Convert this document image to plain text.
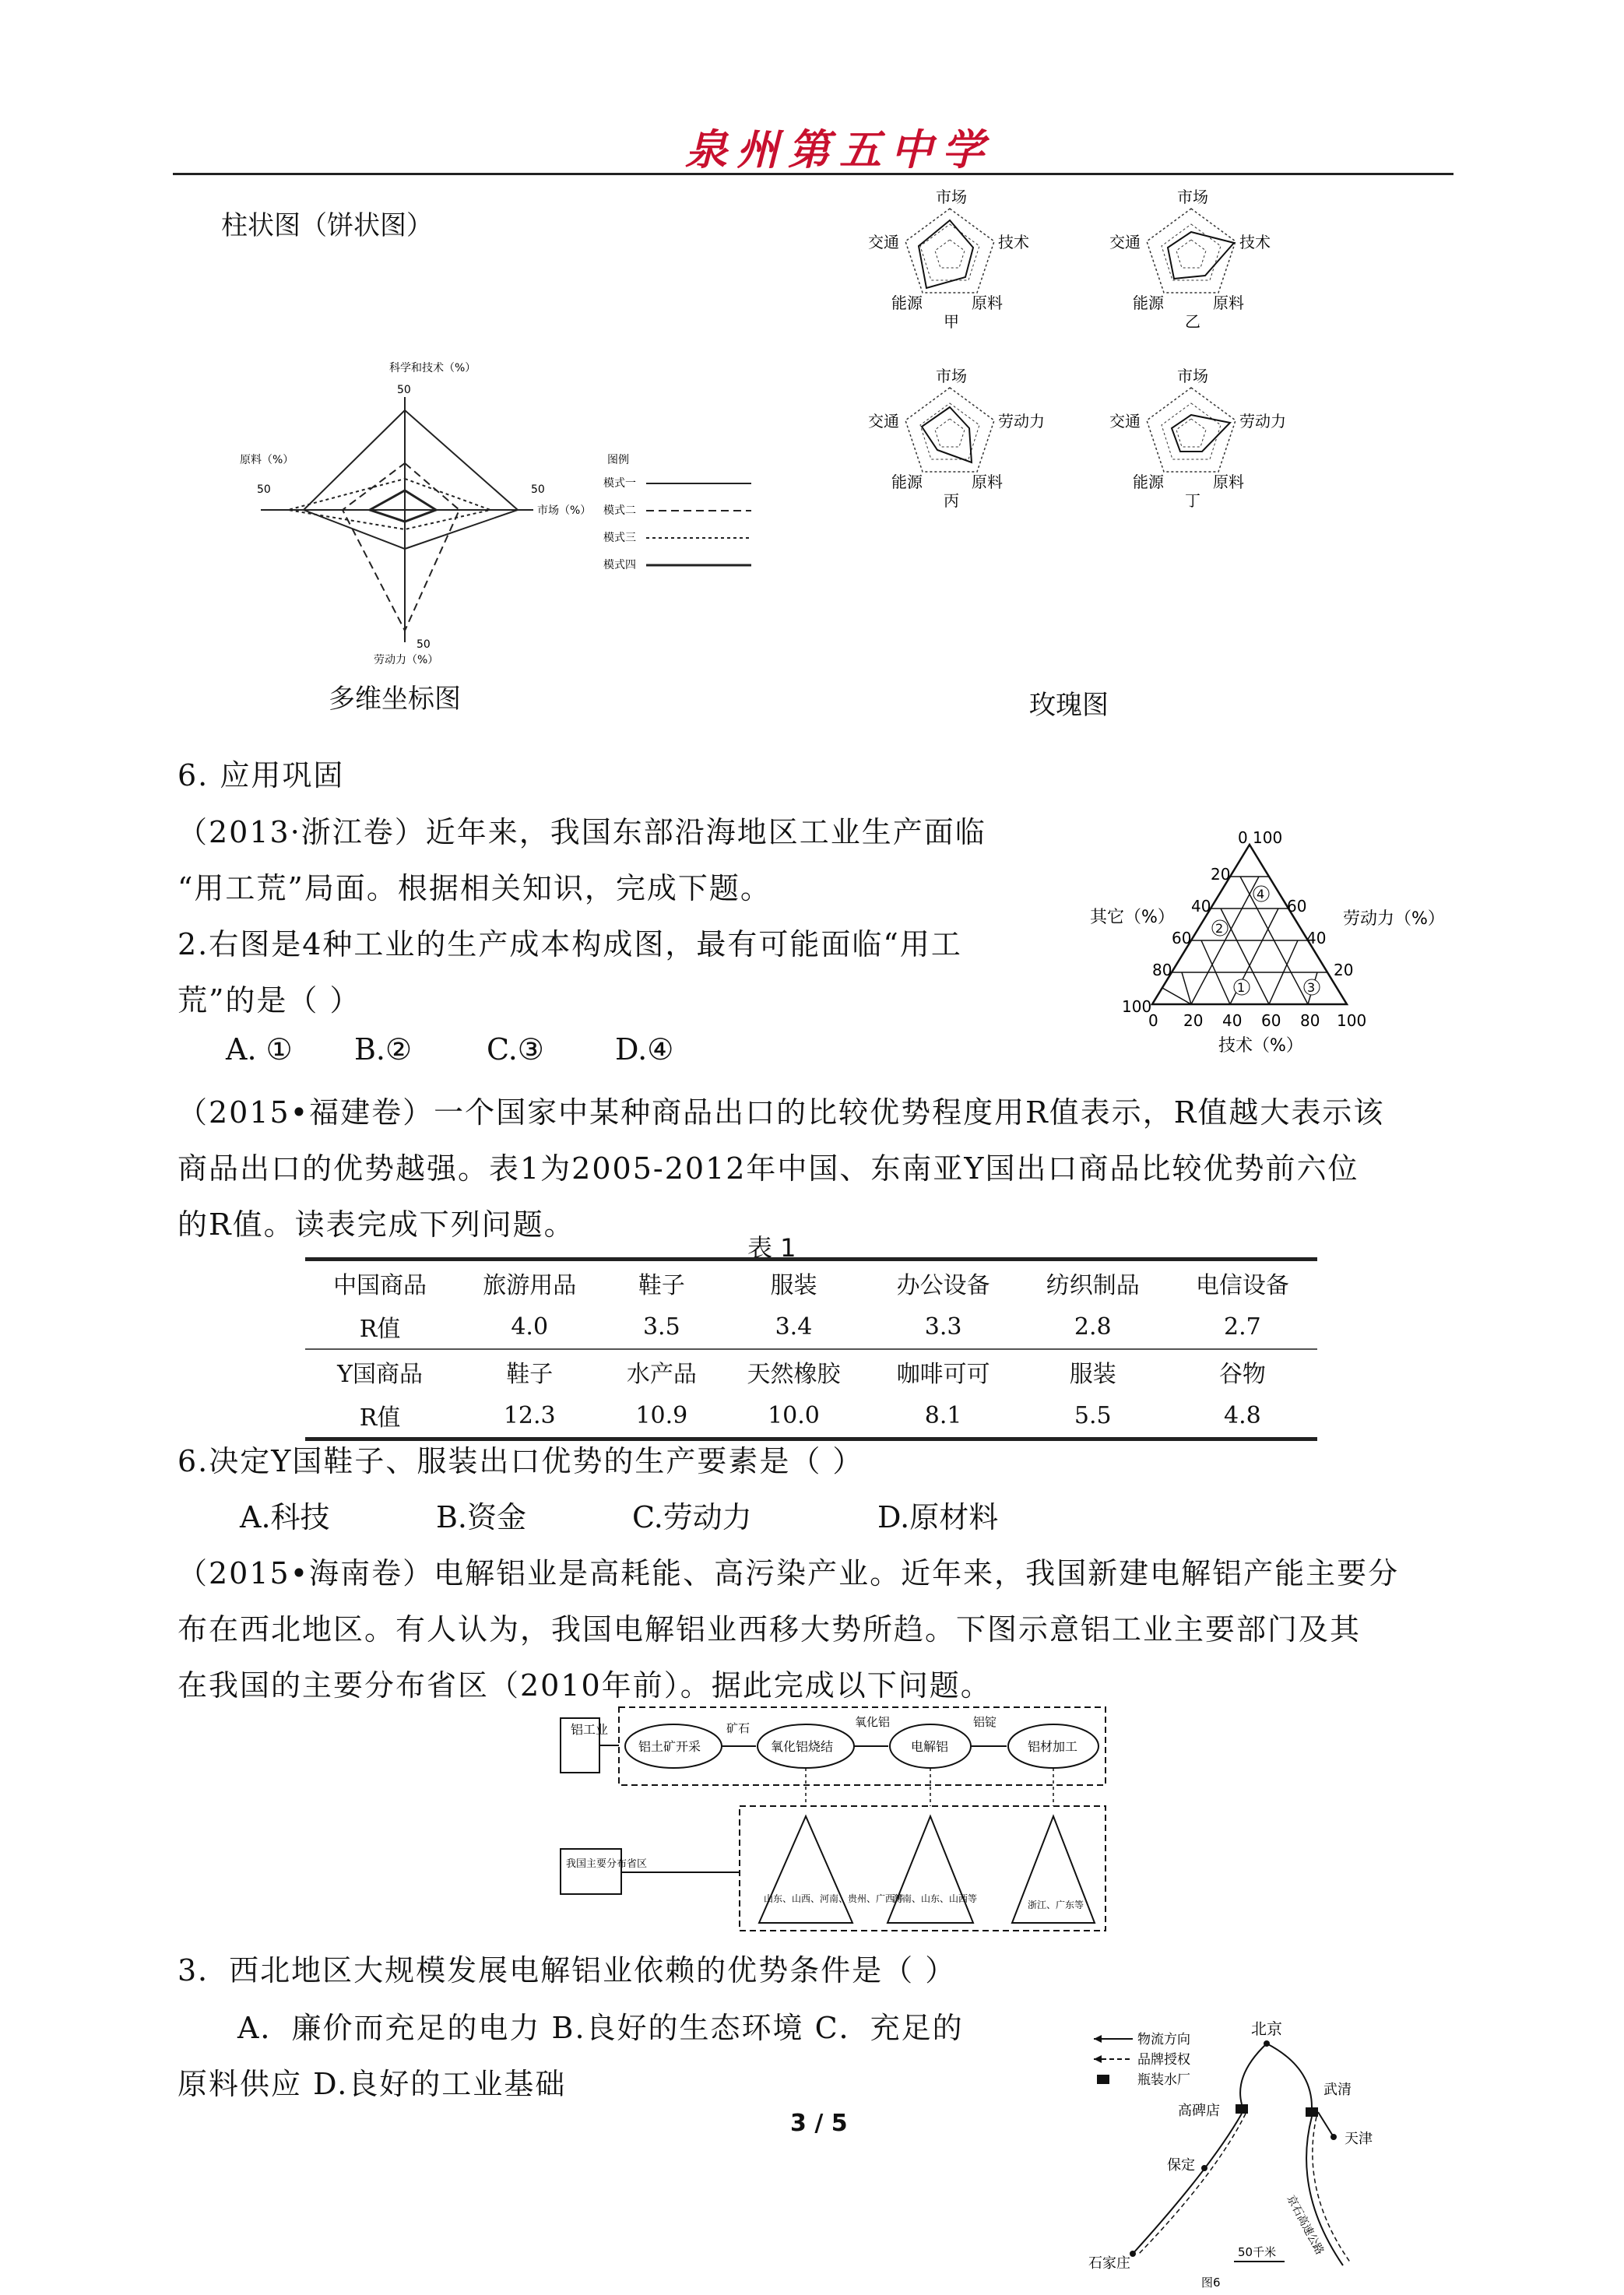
泉州第五中学
柱状图（饼状图）
科学和技术（%）
50
原料（%）
50	50
市场（%）
50
劳动力（%）
图例
模式一
模式二
模式三
模式四
多维坐标图
市场
交通	技术
能源	原料
甲
市场
交通	技术
能源	原料
乙
市场
交通	劳动力
能源	原料
丙
市场
交通	劳动力
能源	原料
丁
玫瑰图
0 100
20
40
60
80
100
60
40
20
0 20 40 60 80 100
其它（%）	劳动力（%）
技术（%）
4
2
1	3
6. 应用巩固
（2013·浙江卷）近年来，我国东部沿海地区工业生产面临
“用工荒”局面。根据相关知识，完成下题。
2.右图是4种工业的生产成本构成图，最有可能面临“用工
荒”的是（ ）
A. ① B.②	C.③ D.④
（2015•福建卷）一个国家中某种商品出口的比较优势程度用R值表示，R值越大表示该
商品出口的优势越强。表1为2005-2012年中国、东南亚Y国出口商品比较优势前六位
的R值。读表完成下列问题。
表 1
中国商品	旅游用品	鞋子	服装	办公设备	纺织制品	电信设备
R值	4.0	3.5	3.4	3.3	2.8	2.7
Y国商品	鞋子	水产品	天然橡胶	咖啡可可	服装	谷物
R值	12.3	10.9	10.0	8.1	5.5	4.8
6.决定Y国鞋子、服装出口优势的生产要素是（ ）
A.科技	B.资金	C.劳动力	D.原材料
（2015•海南卷）电解铝业是高耗能、高污染产业。近年来，我国新建电解铝产能主要分
布在西北地区。有人认为，我国电解铝业西移大势所趋。下图示意铝工业主要部门及其
在我国的主要分布省区（2010年前）。据此完成以下问题。
铝工业
铝土矿开采	氧化铝烧结	电解铝	铝材加工
矿石	氧化铝	铝锭
我国主要分布省区
山东、山西、河南、贵州、广西等
河南、山东、山西等
浙江、广东等
3．西北地区大规模发展电解铝业依赖的优势条件是（ ）
A．廉价而充足的电力 B.良好的生态环境 C．充足的
原料供应 D.良好的工业基础
物流方向
品牌授权
瓶装水厂
北京
武清
天津
高碑店
保定
石家庄
京石高速公路
50千米
图6
3 / 5
